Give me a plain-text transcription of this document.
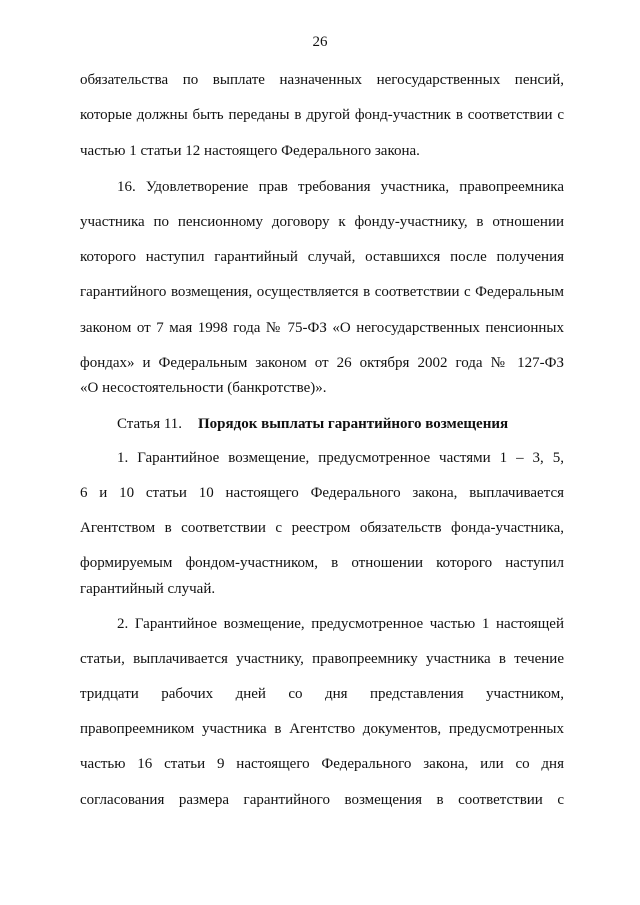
26
обязательства по выплате назначенных негосударственных пенсий,
которые должны быть переданы в другой фонд-участник в соответствии с
частью 1 статьи 12 настоящего Федерального закона.
16. Удовлетворение прав требования участника, правопреемника
участника по пенсионному договору к фонду-участнику, в отношении
которого наступил гарантийный случай, оставшихся после получения
гарантийного возмещения, осуществляется в соответствии с Федеральным
законом от 7 мая 1998 года № 75-ФЗ «О негосударственных пенсионных
фондах» и Федеральным законом от 26 октября 2002 года № 127-ФЗ
«О несостоятельности (банкротстве)».
Статья 11. Порядок выплаты гарантийного возмещения
1. Гарантийное возмещение, предусмотренное частями 1 – 3, 5,
6 и 10 статьи 10 настоящего Федерального закона, выплачивается
Агентством в соответствии с реестром обязательств фонда-участника,
формируемым фондом-участником, в отношении которого наступил
гарантийный случай.
2. Гарантийное возмещение, предусмотренное частью 1 настоящей
статьи, выплачивается участнику, правопреемнику участника в течение
тридцати рабочих дней со дня представления участником,
правопреемником участника в Агентство документов, предусмотренных
частью 16 статьи 9 настоящего Федерального закона, или со дня
согласования размера гарантийного возмещения в соответствии с
